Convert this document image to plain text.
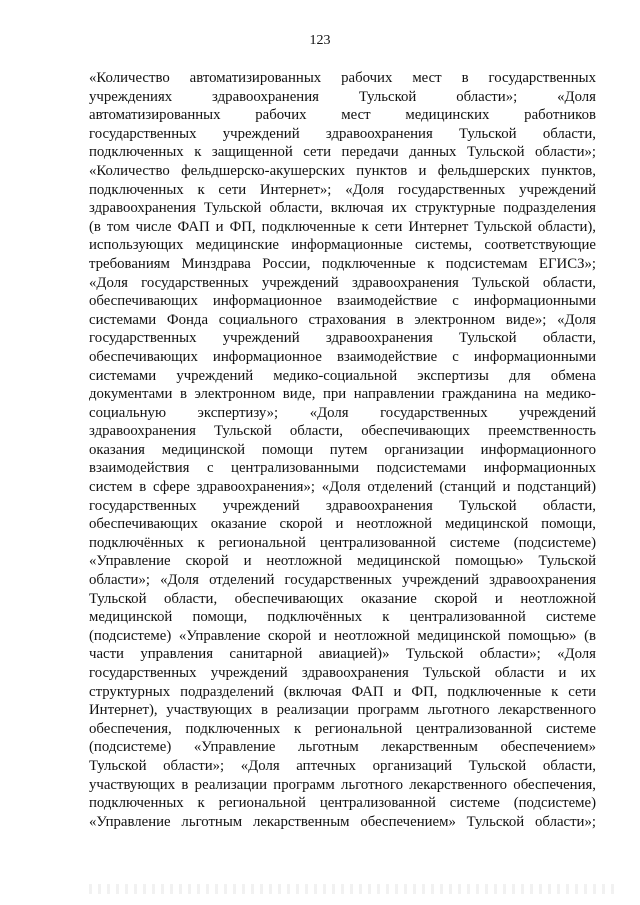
123
«Количество автоматизированных рабочих мест в государственных
учреждениях здравоохранения Тульской области»; «Доля
автоматизированных рабочих мест медицинских работников
государственных учреждений здравоохранения Тульской области,
подключенных к защищенной сети передачи данных Тульской области»;
«Количество фельдшерско-акушерских пунктов и фельдшерских пунктов,
подключенных к сети Интернет»; «Доля государственных учреждений
здравоохранения Тульской области, включая их структурные подразделения
(в том числе ФАП и ФП, подключенные к сети Интернет Тульской области),
использующих медицинские информационные системы, соответствующие
требованиям Минздрава России, подключенные к подсистемам ЕГИСЗ»;
«Доля государственных учреждений здравоохранения Тульской области,
обеспечивающих информационное взаимодействие с информационными
системами Фонда социального страхования в электронном виде»; «Доля
государственных учреждений здравоохранения Тульской области,
обеспечивающих информационное взаимодействие с информационными
системами учреждений медико-социальной экспертизы для обмена
документами в электронном виде, при направлении гражданина на медико-
социальную экспертизу»; «Доля государственных учреждений
здравоохранения Тульской области, обеспечивающих преемственность
оказания медицинской помощи путем организации информационного
взаимодействия с централизованными подсистемами информационных
систем в сфере здравоохранения»; «Доля отделений (станций и подстанций)
государственных учреждений здравоохранения Тульской области,
обеспечивающих оказание скорой и неотложной медицинской помощи,
подключённых к региональной централизованной системе (подсистеме)
«Управление скорой и неотложной медицинской помощью» Тульской
области»; «Доля отделений государственных учреждений здравоохранения
Тульской области, обеспечивающих оказание скорой и неотложной
медицинской помощи, подключённых к централизованной системе
(подсистеме) «Управление скорой и неотложной медицинской помощью» (в
части управления санитарной авиацией)» Тульской области»; «Доля
государственных учреждений здравоохранения Тульской области и их
структурных подразделений (включая ФАП и ФП, подключенные к сети
Интернет), участвующих в реализации программ льготного лекарственного
обеспечения, подключенных к региональной централизованной системе
(подсистеме) «Управление льготным лекарственным обеспечением»
Тульской области»; «Доля аптечных организаций Тульской области,
участвующих в реализации программ льготного лекарственного обеспечения,
подключенных к региональной централизованной системе (подсистеме)
«Управление льготным лекарственным обеспечением» Тульской области»;
